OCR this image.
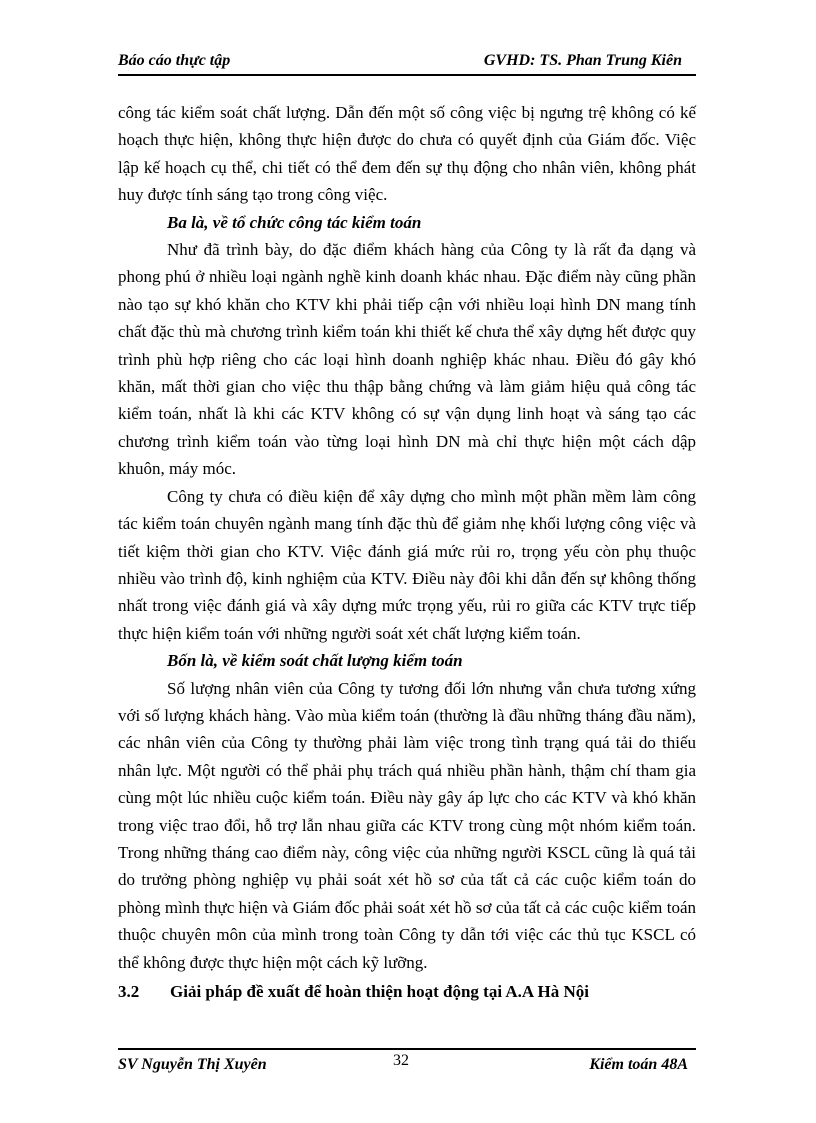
Báo cáo thực tập	GVHD: TS. Phan Trung Kiên

công tác kiểm soát chất lượng. Dẫn đến một số công việc bị ngưng trệ không có kế hoạch thực hiện, không thực hiện được do chưa có quyết định của Giám đốc. Việc lập kế hoạch cụ thể, chi tiết có thể đem đến sự thụ động cho nhân viên, không phát huy được tính sáng tạo trong công việc.

Ba là, về tổ chức công tác kiểm toán

Như đã trình bày, do đặc điểm khách hàng của Công ty là rất đa dạng và phong phú ở nhiều loại ngành nghề kinh doanh khác nhau. Đặc điểm này cũng phần nào tạo sự khó khăn cho KTV khi phải tiếp cận với nhiều loại hình DN mang tính chất đặc thù mà chương trình kiểm toán khi thiết kế chưa thể xây dựng hết được quy trình phù hợp riêng cho các loại hình doanh nghiệp khác nhau. Điều đó gây khó khăn, mất thời gian cho việc thu thập bằng chứng và làm giảm hiệu quả công tác kiểm toán, nhất là khi các KTV không có sự vận dụng linh hoạt và sáng tạo các chương trình kiểm toán vào từng loại hình DN mà chỉ thực hiện một cách dập khuôn, máy móc.

Công ty chưa có điều kiện để xây dựng cho mình một phần mềm làm công tác kiểm toán chuyên ngành mang tính đặc thù để giảm nhẹ khối lượng công việc và tiết kiệm thời gian cho KTV. Việc đánh giá mức rủi ro, trọng yếu còn phụ thuộc nhiều vào trình độ, kinh nghiệm của KTV. Điều này đôi khi dẫn đến sự không thống nhất trong việc đánh giá và xây dựng mức trọng yếu, rủi ro giữa các KTV trực tiếp thực hiện kiểm toán với những người soát xét chất lượng kiểm toán.

Bốn là, về kiểm soát chất lượng kiểm toán

Số lượng nhân viên của Công ty tương đối lớn nhưng vẫn chưa tương xứng với số lượng khách hàng. Vào mùa kiểm toán (thường là đầu những tháng đầu năm), các nhân viên của Công ty thường phải làm việc trong tình trạng quá tải do thiếu nhân lực. Một người có thể phải phụ trách quá nhiều phần hành, thậm chí tham gia cùng một lúc nhiều cuộc kiểm toán. Điều này gây áp lực cho các KTV và khó khăn trong việc trao đổi, hỗ trợ lẫn nhau giữa các KTV trong cùng một nhóm kiểm toán. Trong những tháng cao điểm này, công việc của những người KSCL cũng là quá tải do trưởng phòng nghiệp vụ phải soát xét hồ sơ của tất cả các cuộc kiểm toán do phòng mình thực hiện và Giám đốc phải soát xét hồ sơ của tất cả các cuộc kiểm toán thuộc chuyên môn của mình trong toàn Công ty dẫn tới việc các thủ tục KSCL có thể không được thực hiện một cách kỹ lưỡng.

3.2 Giải pháp đề xuất để hoàn thiện hoạt động tại A.A Hà Nội

SV Nguyễn Thị Xuyên	32	Kiểm toán 48A
